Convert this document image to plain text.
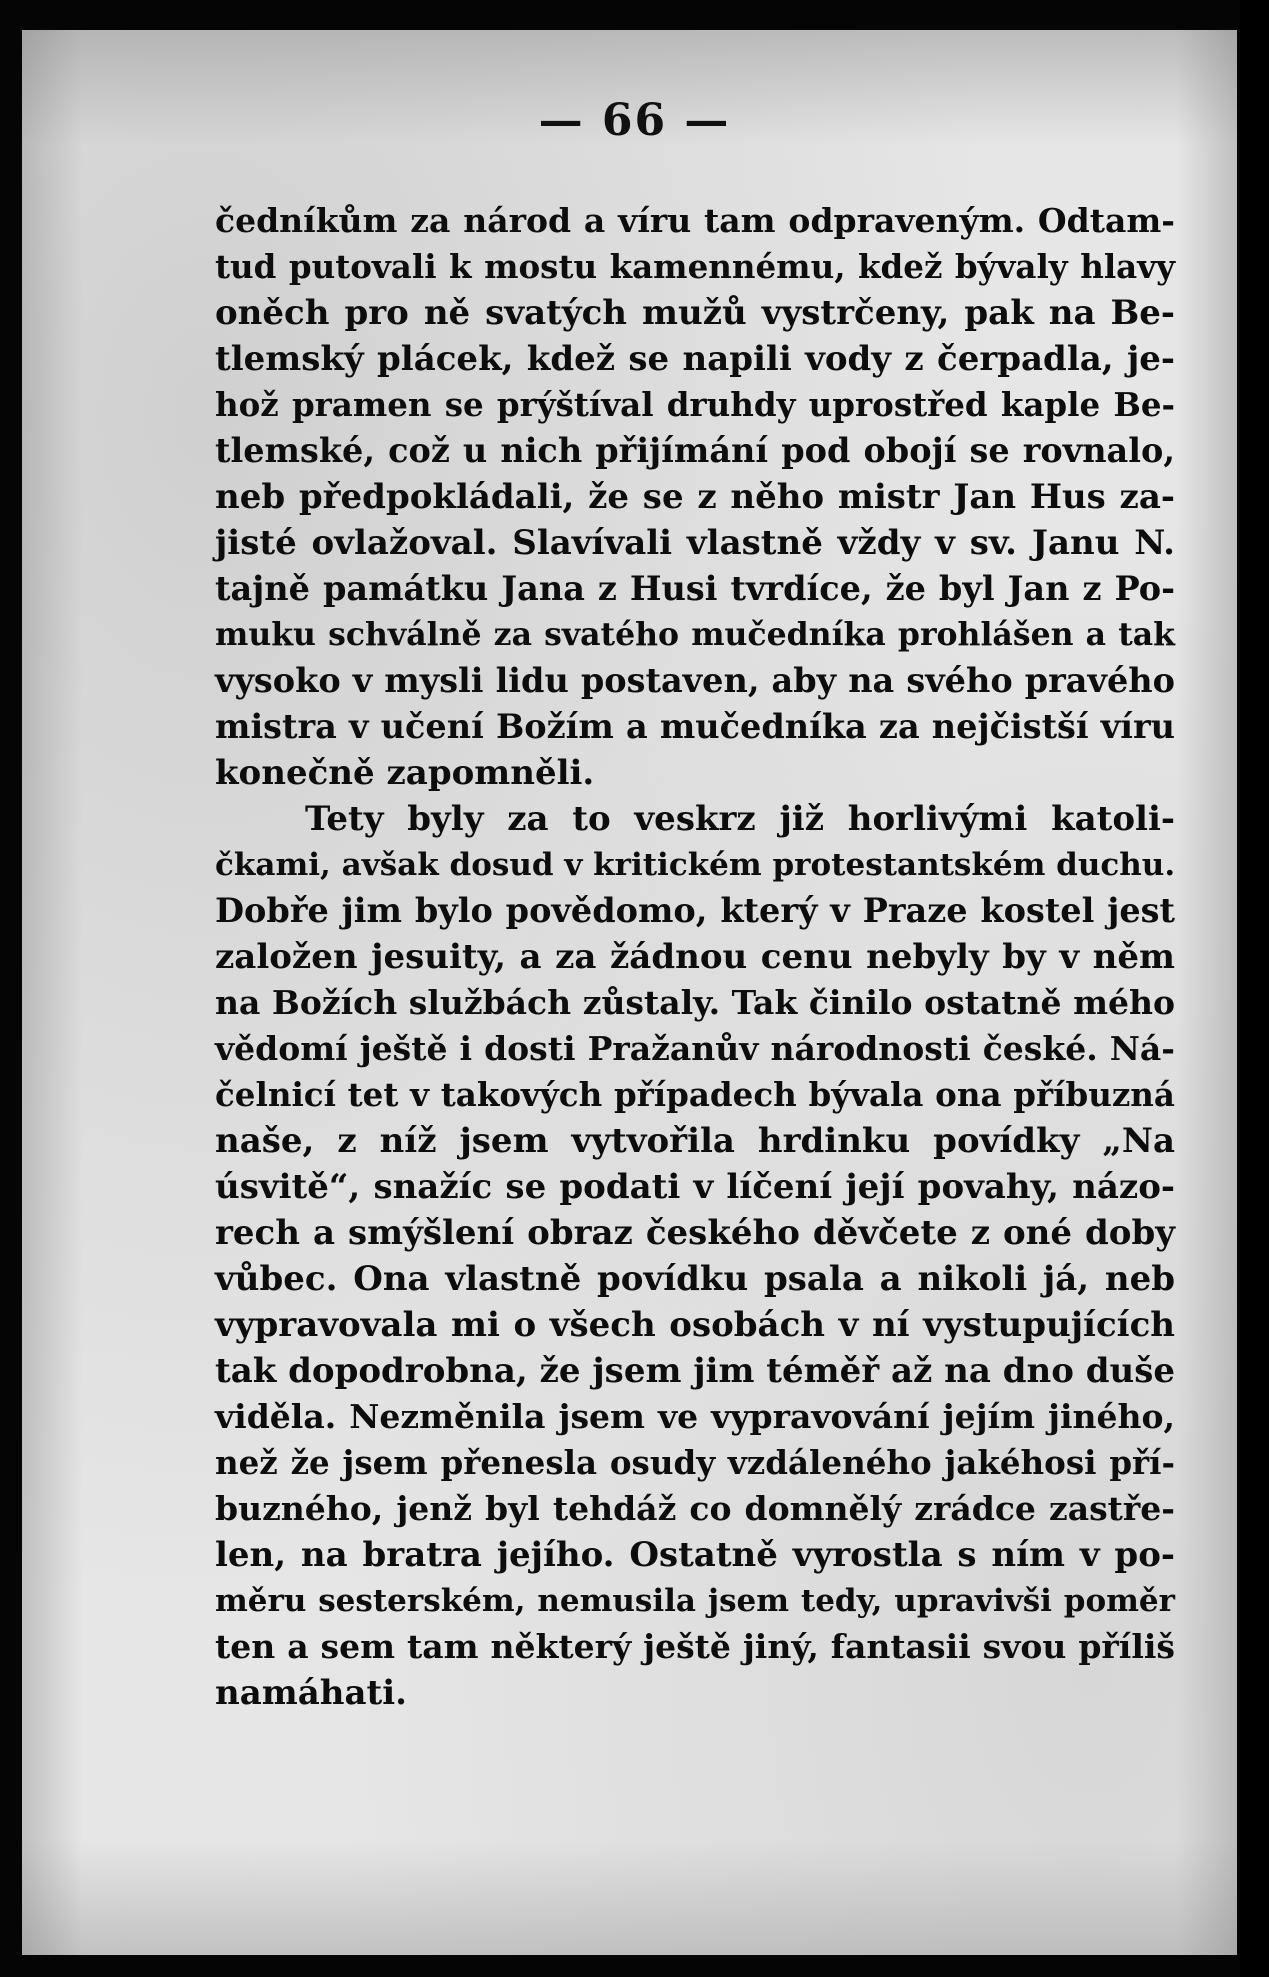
— 66 —
čedníkům za národ a víru tam odpraveným. Odtam-
tud putovali k mostu kamennému, kdež bývaly hlavy
oněch pro ně svatých mužů vystrčeny, pak na Be-
tlemský plácek, kdež se napili vody z čerpadla, je-
hož pramen se prýštíval druhdy uprostřed kaple Be-
tlemské, což u nich přijímání pod obojí se rovnalo,
neb předpokládali, že se z něho mistr Jan Hus za-
jisté ovlažoval. Slavívali vlastně vždy v sv. Janu N.
tajně památku Jana z Husi tvrdíce, že byl Jan z Po-
muku schválně za svatého mučedníka prohlášen a tak
vysoko v mysli lidu postaven, aby na svého pravého
mistra v učení Božím a mučedníka za nejčistší víru
konečně zapomněli.
Tety byly za to veskrz již horlivými katoli-
čkami, avšak dosud v kritickém protestantském duchu.
Dobře jim bylo povědomo, který v Praze kostel jest
založen jesuity, a za žádnou cenu nebyly by v něm
na Božích službách zůstaly. Tak činilo ostatně mého
vědomí ještě i dosti Pražanův národnosti české. Ná-
čelnicí tet v takových případech bývala ona příbuzná
naše, z níž jsem vytvořila hrdinku povídky „Na
úsvitě“, snažíc se podati v líčení její povahy, názo-
rech a smýšlení obraz českého děvčete z oné doby
vůbec. Ona vlastně povídku psala a nikoli já, neb
vypravovala mi o všech osobách v ní vystupujících
tak dopodrobna, že jsem jim téměř až na dno duše
viděla. Nezměnila jsem ve vypravování jejím jiného,
než že jsem přenesla osudy vzdáleného jakéhosi pří-
buzného, jenž byl tehdáž co domnělý zrádce zastře-
len, na bratra jejího. Ostatně vyrostla s ním v po-
měru sesterském, nemusila jsem tedy, upravivši poměr
ten a sem tam některý ještě jiný, fantasii svou příliš
namáhati.
